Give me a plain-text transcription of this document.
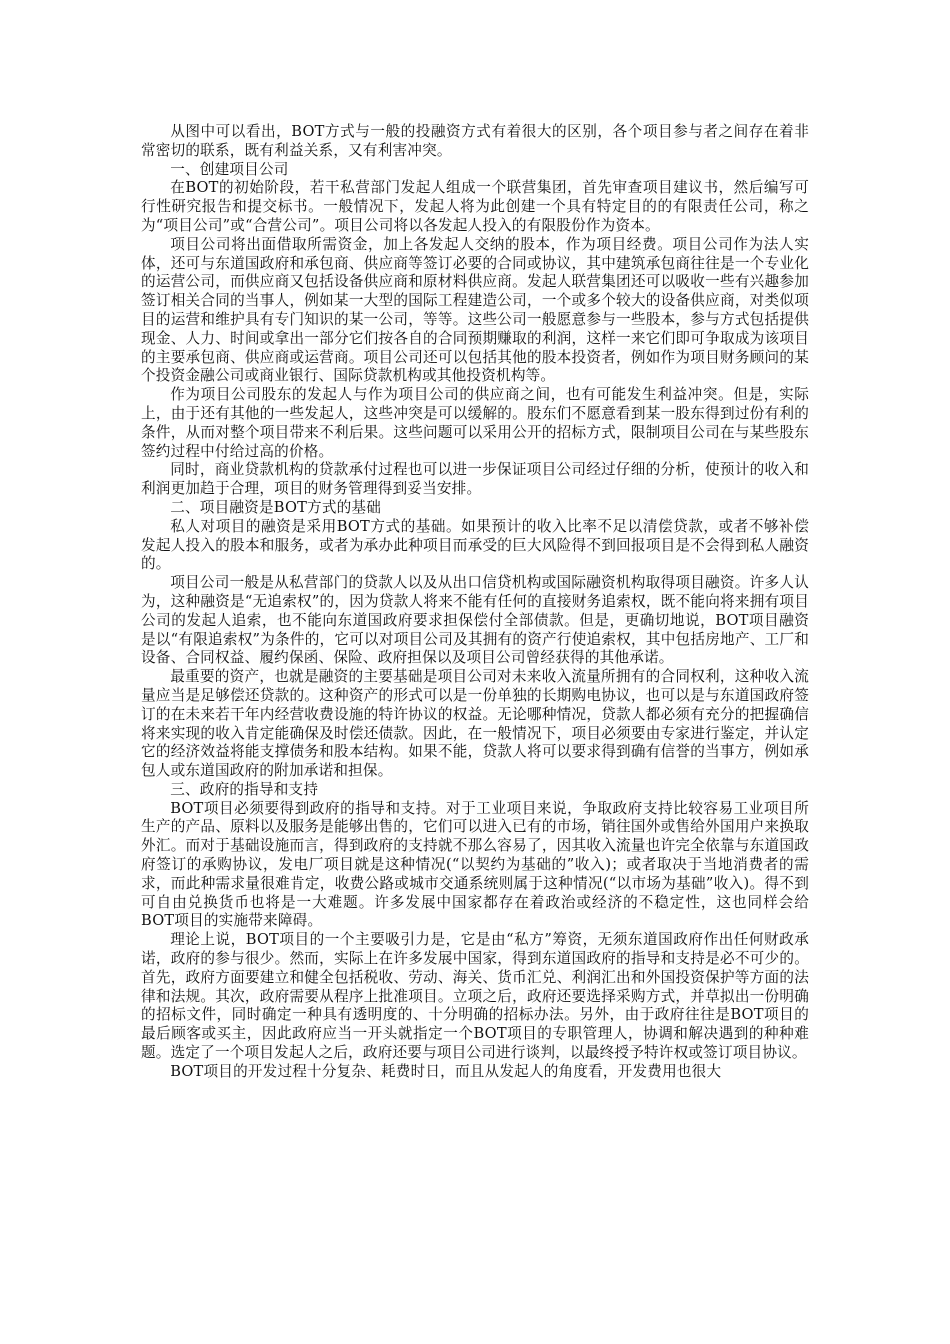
从图中可以看出，BOT方式与一般的投融资方式有着很大的区别，各个项目参与者之间存在着非常密切的联系，既有利益关系，又有利害冲突。

一、创建项目公司

在BOT的初始阶段，若干私营部门发起人组成一个联营集团，首先审查项目建议书，然后编写可行性研究报告和提交标书。一般情况下，发起人将为此创建一个具有特定目的的有限责任公司，称之为“项目公司”或“合营公司”。项目公司将以各发起人投入的有限股份作为资本。

项目公司将出面借取所需资金，加上各发起人交纳的股本，作为项目经费。项目公司作为法人实体，还可与东道国政府和承包商、供应商等签订必要的合同或协议，其中建筑承包商往往是一个专业化的运营公司，而供应商又包括设备供应商和原材料供应商。发起人联营集团还可以吸收一些有兴趣参加签订相关合同的当事人，例如某一大型的国际工程建造公司，一个或多个较大的设备供应商，对类似项目的运营和维护具有专门知识的某一公司，等等。这些公司一般愿意参与一些股本，参与方式包括提供现金、人力、时间或拿出一部分它们按各自的合同预期赚取的利润，这样一来它们即可争取成为该项目的主要承包商、供应商或运营商。项目公司还可以包括其他的股本投资者，例如作为项目财务顾问的某个投资金融公司或商业银行、国际贷款机构或其他投资机构等。

作为项目公司股东的发起人与作为项目公司的供应商之间，也有可能发生利益冲突。但是，实际上，由于还有其他的一些发起人，这些冲突是可以缓解的。股东们不愿意看到某一股东得到过份有利的条件，从而对整个项目带来不利后果。这些问题可以采用公开的招标方式，限制项目公司在与某些股东签约过程中付给过高的价格。

同时，商业贷款机构的贷款承付过程也可以进一步保证项目公司经过仔细的分析，使预计的收入和利润更加趋于合理，项目的财务管理得到妥当安排。

二、项目融资是BOT方式的基础

私人对项目的融资是采用BOT方式的基础。如果预计的收入比率不足以清偿贷款，或者不够补偿发起人投入的股本和服务，或者为承办此种项目而承受的巨大风险得不到回报项目是不会得到私人融资的。

项目公司一般是从私营部门的贷款人以及从出口信贷机构或国际融资机构取得项目融资。许多人认为，这种融资是“无追索权”的，因为贷款人将来不能有任何的直接财务追索权，既不能向将来拥有项目公司的发起人追索，也不能向东道国政府要求担保偿付全部债款。但是，更确切地说，BOT项目融资是以“有限追索权”为条件的，它可以对项目公司及其拥有的资产行使追索权，其中包括房地产、工厂和设备、合同权益、履约保函、保险、政府担保以及项目公司曾经获得的其他承诺。

最重要的资产，也就是融资的主要基础是项目公司对未来收入流量所拥有的合同权利，这种收入流量应当是足够偿还贷款的。这种资产的形式可以是一份单独的长期购电协议，也可以是与东道国政府签订的在未来若干年内经营收费设施的特许协议的权益。无论哪种情况，贷款人都必须有充分的把握确信将来实现的收入肯定能确保及时偿还债款。因此，在一般情况下，项目必须要由专家进行鉴定，并认定它的经济效益将能支撑债务和股本结构。如果不能，贷款人将可以要求得到确有信誉的当事方，例如承包人或东道国政府的附加承诺和担保。

三、政府的指导和支持

BOT项目必须要得到政府的指导和支持。对于工业项目来说，争取政府支持比较容易工业项目所生产的产品、原料以及服务是能够出售的，它们可以进入已有的市场，销往国外或售给外国用户来换取外汇。而对于基础设施而言，得到政府的支持就不那么容易了，因其收入流量也许完全依靠与东道国政府签订的承购协议，发电厂项目就是这种情况(“以契约为基础的”收入)；或者取决于当地消费者的需求，而此种需求量很难肯定，收费公路或城市交通系统则属于这种情况(“以市场为基础”收入)。得不到可自由兑换货币也将是一大难题。许多发展中国家都存在着政治或经济的不稳定性，这也同样会给BOT项目的实施带来障碍。

理论上说，BOT项目的一个主要吸引力是，它是由“私方”筹资，无须东道国政府作出任何财政承诺，政府的参与很少。然而，实际上在许多发展中国家，得到东道国政府的指导和支持是必不可少的。首先，政府方面要建立和健全包括税收、劳动、海关、货币汇兑、利润汇出和外国投资保护等方面的法律和法规。其次，政府需要从程序上批准项目。立项之后，政府还要选择采购方式，并草拟出一份明确的招标文件，同时确定一种具有透明度的、十分明确的招标办法。另外，由于政府往往是BOT项目的最后顾客或买主，因此政府应当一开头就指定一个BOT项目的专职管理人，协调和解决遇到的种种难题。选定了一个项目发起人之后，政府还要与项目公司进行谈判，以最终授予特许权或签订项目协议。

BOT项目的开发过程十分复杂、耗费时日，而且从发起人的角度看，开发费用也很大
